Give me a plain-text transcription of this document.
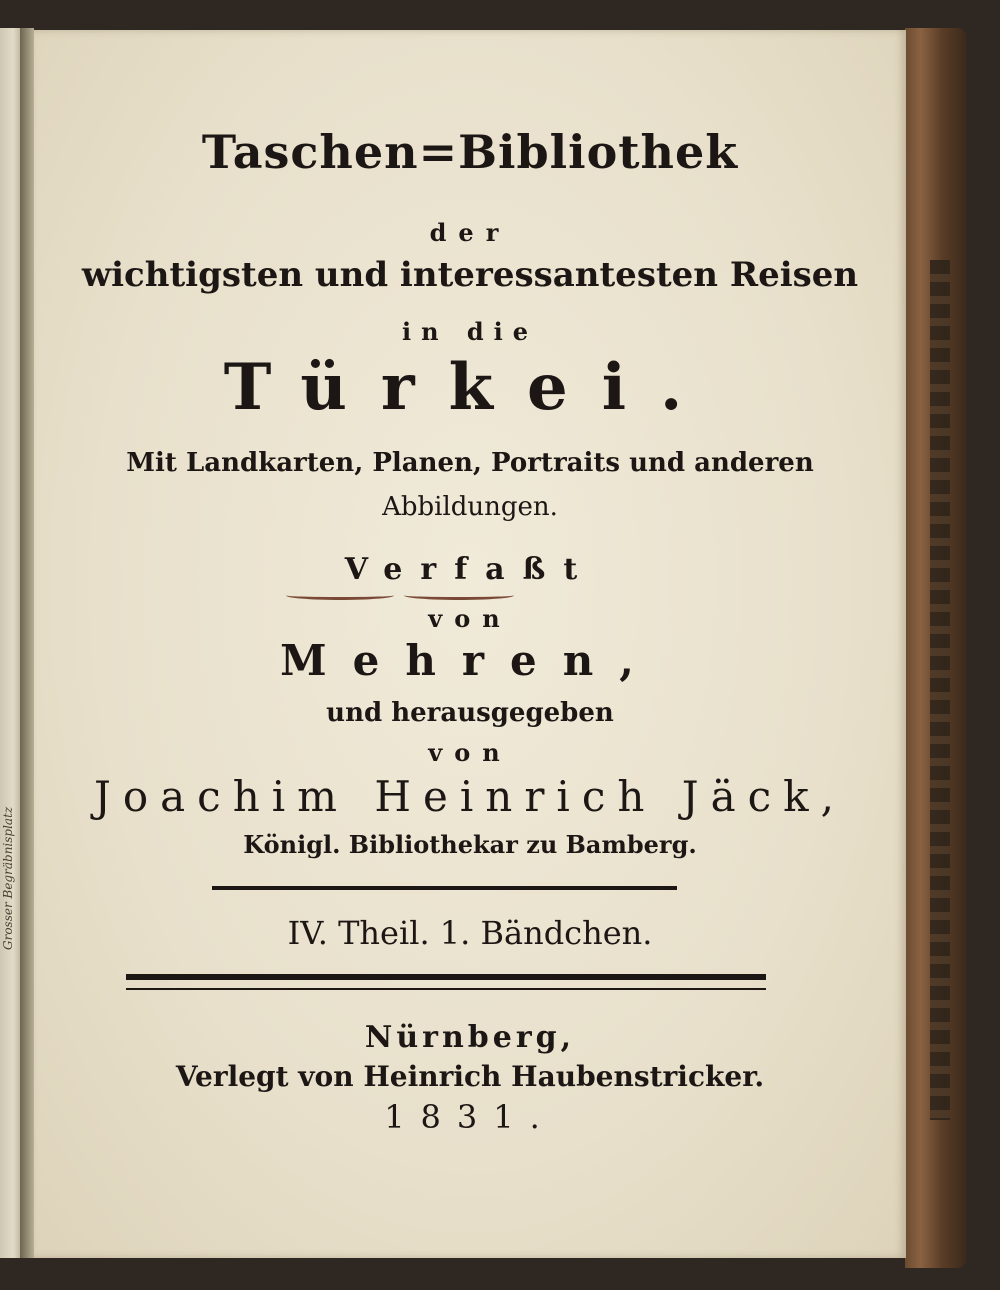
Grosser Begräbnisplatz

Taschen=Bibliothek

der

wichtigsten und interessantesten Reisen

in die

Türkei.

Mit Landkarten, Planen, Portraits und anderen

Abbildungen.

Verfaßt

von

Mehren,

und herausgegeben

von

Joachim Heinrich Jäck,

Königl. Bibliothekar zu Bamberg.

IV. Theil. 1. Bändchen.

Nürnberg,

Verlegt von Heinrich Haubenstricker.

1831.
